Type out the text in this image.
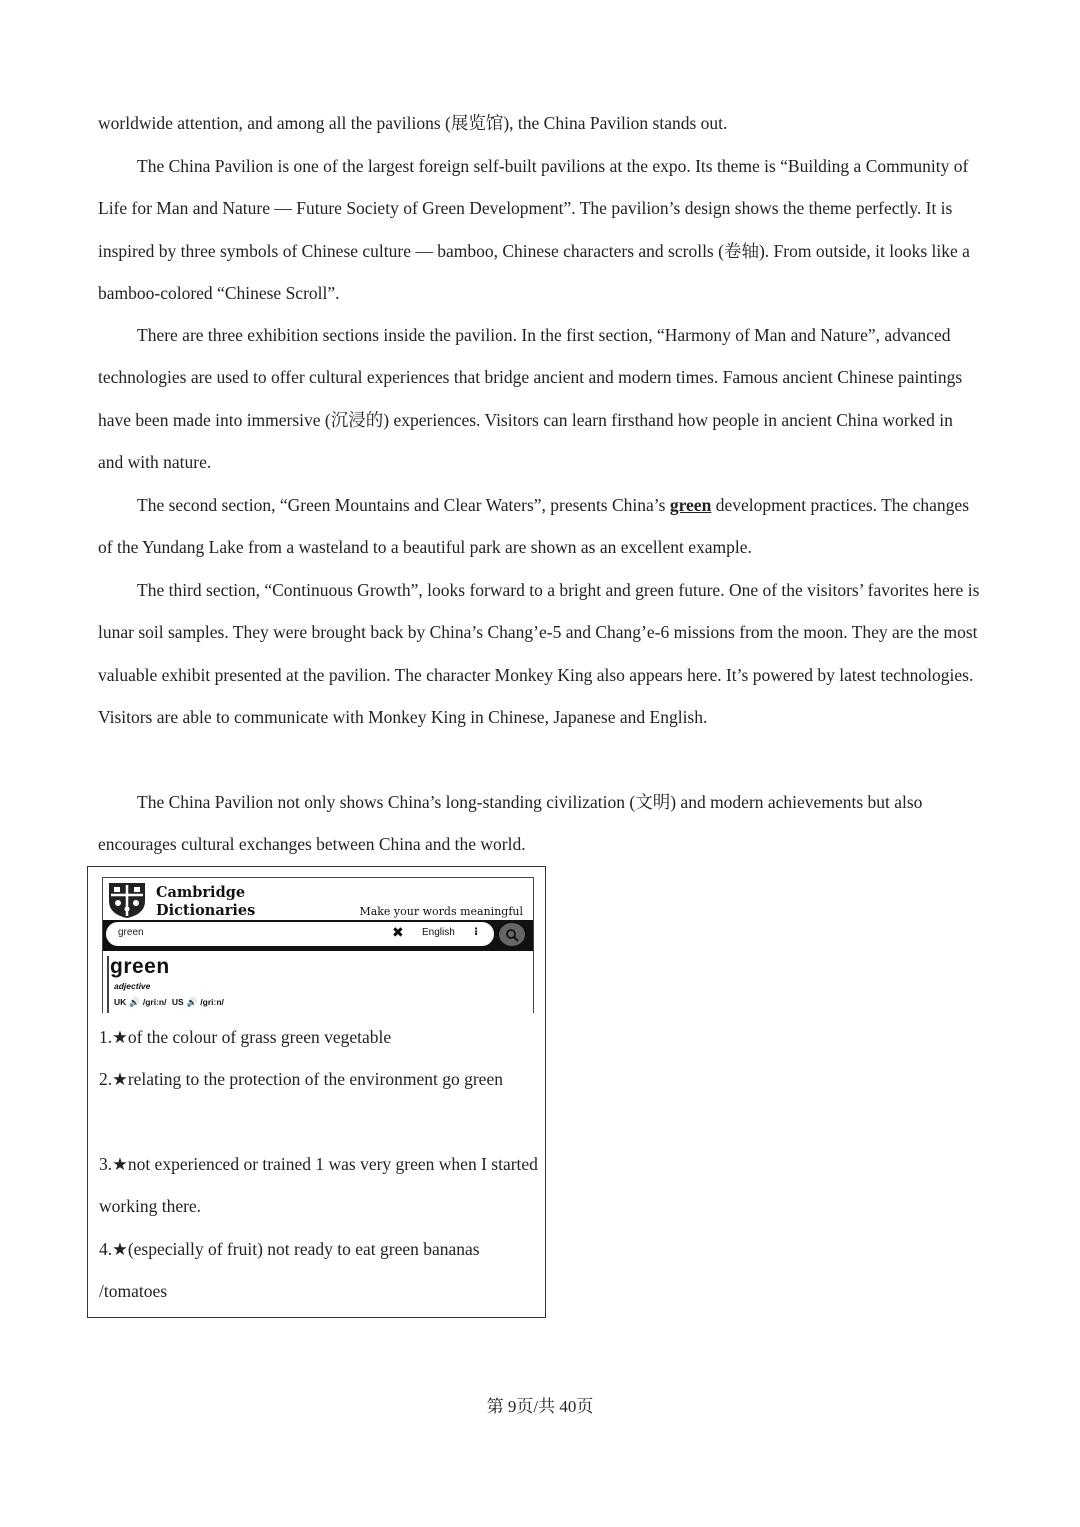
worldwide attention, and among all the pavilions (展览馆), the China Pavilion stands out.

The China Pavilion is one of the largest foreign self-built pavilions at the expo. Its theme is “Building a Community of Life for Man and Nature — Future Society of Green Development”. The pavilion’s design shows the theme perfectly. It is inspired by three symbols of Chinese culture — bamboo, Chinese characters and scrolls (卷轴). From outside, it looks like a bamboo-colored “Chinese Scroll”.

There are three exhibition sections inside the pavilion. In the first section, “Harmony of Man and Nature”, advanced technologies are used to offer cultural experiences that bridge ancient and modern times. Famous ancient Chinese paintings have been made into immersive (沉浸的) experiences. Visitors can learn firsthand how people in ancient China worked in and with nature.

The second section, “Green Mountains and Clear Waters”, presents China’s green development practices. The changes of the Yundang Lake from a wasteland to a beautiful park are shown as an excellent example.

The third section, “Continuous Growth”, looks forward to a bright and green future. One of the visitors’ favorites here is lunar soil samples. They were brought back by China’s Chang’e-5 and Chang’e-6 missions from the moon. They are the most valuable exhibit presented at the pavilion. The character Monkey King also appears here. It’s powered by latest technologies. Visitors are able to communicate with Monkey King in Chinese, Japanese and English.

The China Pavilion not only shows China’s long-standing civilization (文明) and modern achievements but also encourages cultural exchanges between China and the world.

Cambridge
Dictionaries	Make your words meaningful
green	✖ English ⁝
green
adjective
UK 🔊 /griːn/ US 🔊 /griːn/

1.★of the colour of grass green vegetable

2.★relating to the protection of the environment go green

3.★not experienced or trained 1 was very green when I started working there.

4.★(especially of fruit) not ready to eat green bananas /tomatoes

第 9页/共 40页
